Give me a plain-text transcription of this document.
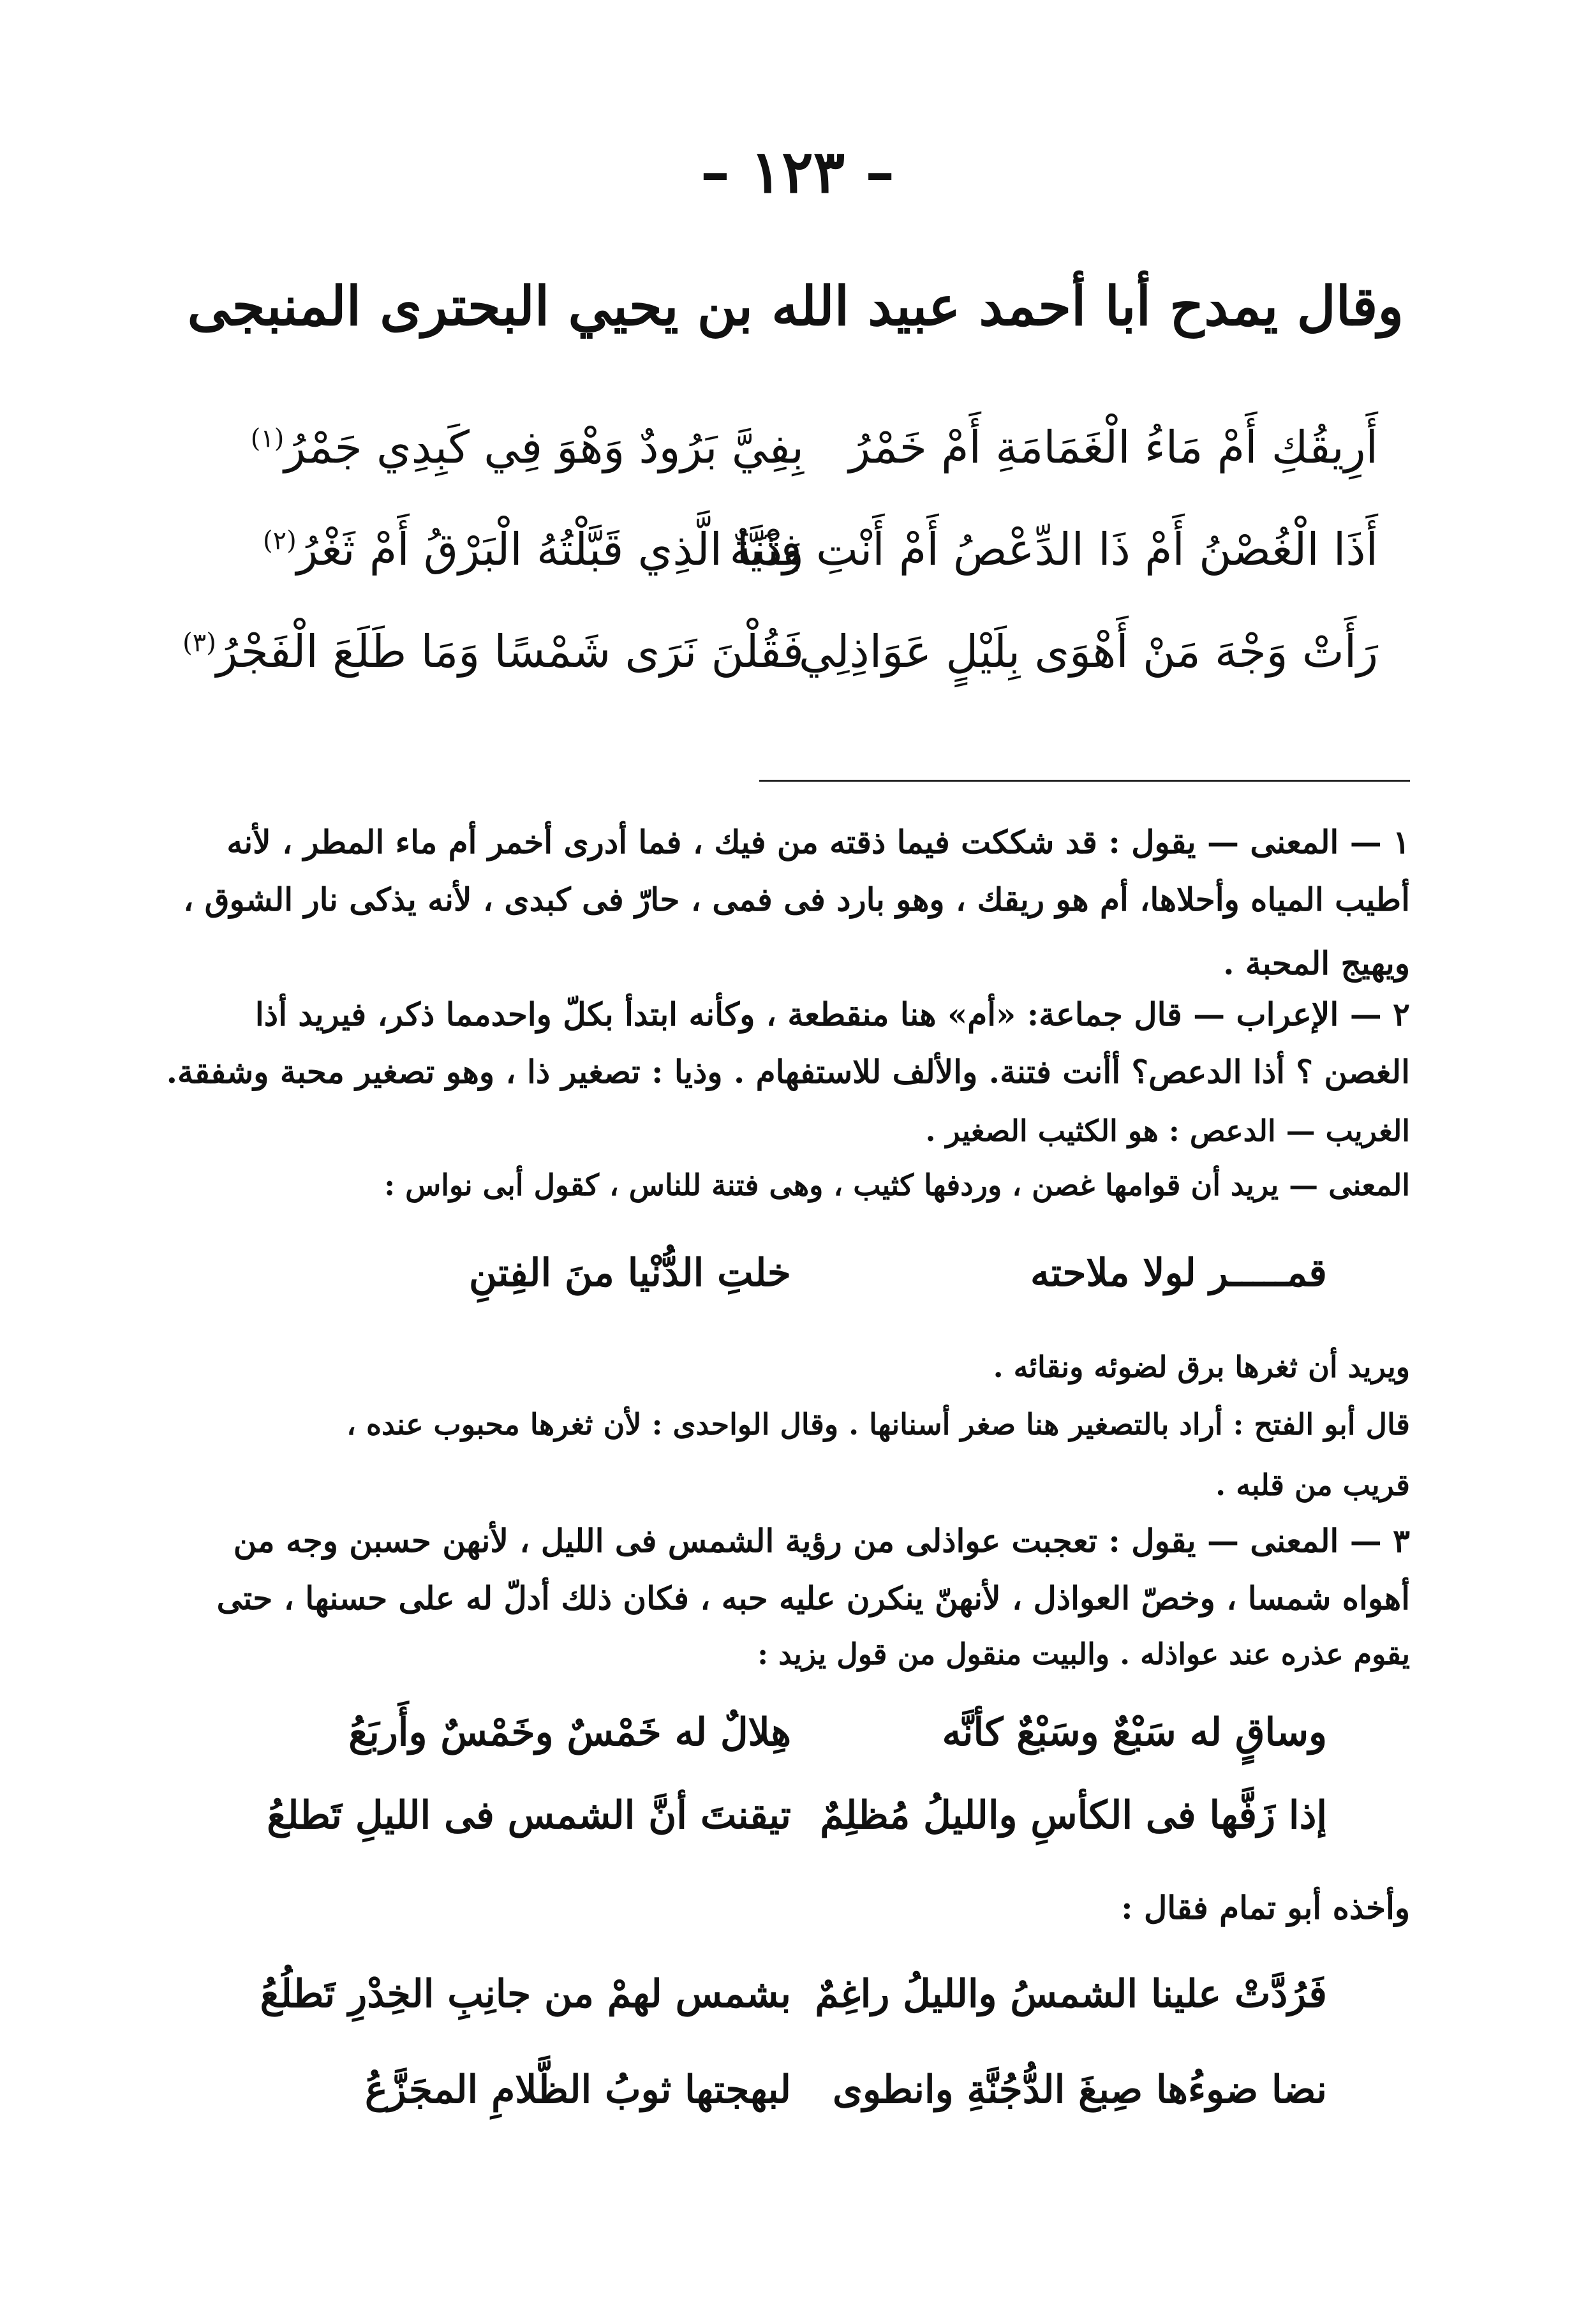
– ١٢٣ –
وقال يمدح أبا أحمد عبيد الله بن يحيي البحترى المنبجى
أَرِيقُكِ أَمْ مَاءُ الْغَمَامَةِ أَمْ خَمْرُ
بِفِيَّ بَرُودٌ وَهْوَ فِي كَبِدِي جَمْرُ$^{(١)}$
أَذَا الْغُصْنُ أَمْ ذَا الدِّعْصُ أَمْ أَنْتِ فِتْنَةٌ
وَذَيَّا الَّذِي قَبَّلْتُهُ الْبَرْقُ أَمْ ثَغْرُ$^{(٢)}$
رَأَتْ وَجْهَ مَنْ أَهْوَى بِلَيْلٍ عَوَاذِلِي
فَقُلْنَ نَرَى شَمْسًا وَمَا طَلَعَ الْفَجْرُ$^{(٣)}$
١ — المعنى — يقول : قد شككت فيما ذقته من فيك ، فما أدرى أخمر أم ماء المطر ، لأنه
أطيب المياه وأحلاها، أم هو ريقك ، وهو بارد فى فمى ، حارّ فى كبدى ، لأنه يذكى نار الشوق ،
ويهيج المحبة .
٢ — الإعراب — قال جماعة: «أم» هنا منقطعة ، وكأنه ابتدأ بكلّ واحدمما ذكر، فيريد أذا
الغصن ؟ أذا الدعص؟ أأنت فتنة. والألف للاستفهام . وذيا : تصغير ذا ، وهو تصغير محبة وشفقة.
الغريب — الدعص : هو الكثيب الصغير .
المعنى — يريد أن قوامها غصن ، وردفها كثيب ، وهى فتنة للناس ، كقول أبى نواس :
قمـــــر لولا ملاحته
خلتِ الدُّنْيا منَ الفِتنِ
ويريد أن ثغرها برق لضوئه ونقائه .
قال أبو الفتح : أراد بالتصغير هنا صغر أسنانها . وقال الواحدى : لأن ثغرها محبوب عنده ،
قريب من قلبه .
٣ — المعنى — يقول : تعجبت عواذلى من رؤية الشمس فى الليل ، لأنهن حسبن وجه من
أهواه شمسا ، وخصّ العواذل ، لأنهنّ ينكرن عليه حبه ، فكان ذلك أدلّ له على حسنها ، حتى
يقوم عذره عند عواذله . والبيت منقول من قول يزيد :
وساقٍ له سَبْعٌ وسَبْعٌ كأنَّه
هِلالٌ له خَمْسٌ وخَمْسٌ وأَربَعُ
إذا زَفَّها فى الكأسِ والليلُ مُظلِمٌ
تيقنتَ أنَّ الشمس فى الليلِ تَطلعُ
وأخذه أبو تمام فقال :
فَرُدَّتْ علينا الشمسُ والليلُ راغِمٌ
بشمس لهمْ من جانِبِ الخِدْرِ تَطلُعُ
نضا ضوءُها صِبغَ الدُّجُنَّةِ وانطوى
لبهجتها ثوبُ الظَّلامِ المجَزَّعُ
